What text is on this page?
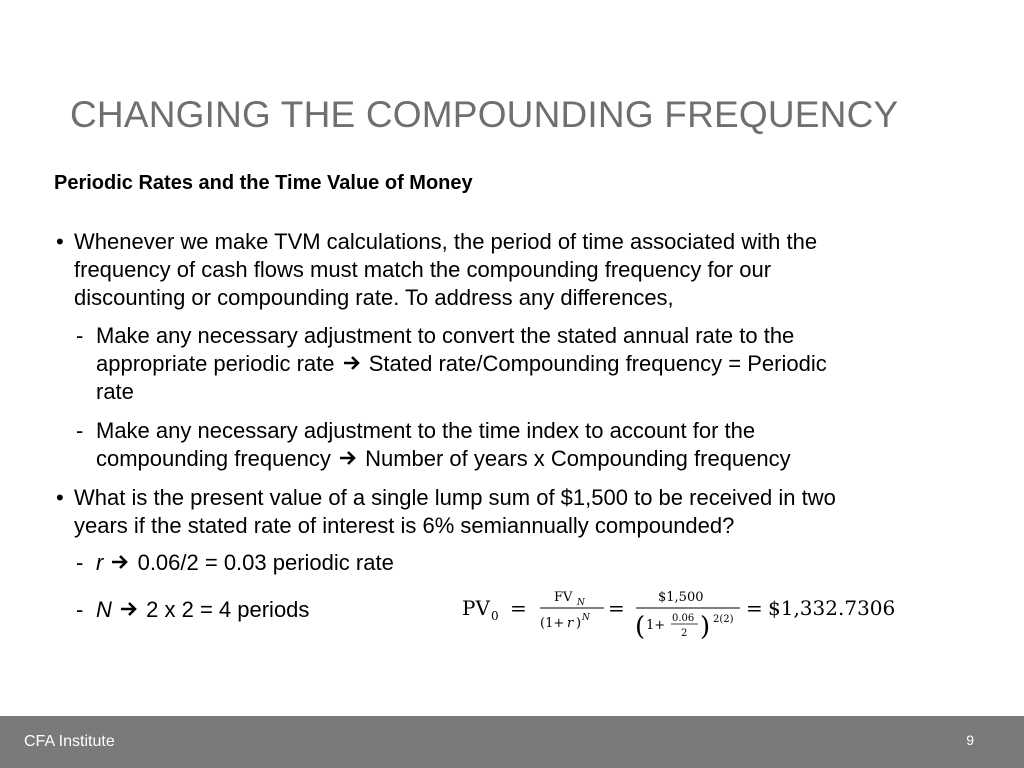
CHANGING THE COMPOUNDING FREQUENCY
Periodic Rates and the Time Value of Money
• Whenever we make TVM calculations, the period of time associated with the
frequency of cash flows must match the compounding frequency for our
discounting or compounding rate. To address any differences,
- Make any necessary adjustment to convert the stated annual rate to the
appropriate periodic rate Stated rate/Compounding frequency = Periodic
rate
- Make any necessary adjustment to the time index to account for the
compounding frequency Number of years x Compounding frequency
• What is the present value of a single lump sum of $1,500 to be received in two
years if the stated rate of interest is 6% semiannually compounded?
- r 0.06/2 = 0.03 periodic rate
- N 2 x 2 = 4 periods	PV 0 = FV N
(1+ r ) N =	$1,500
( 1+ 0.06
2 ) 2(2) = $1,332.7306
CFA Institute	9
